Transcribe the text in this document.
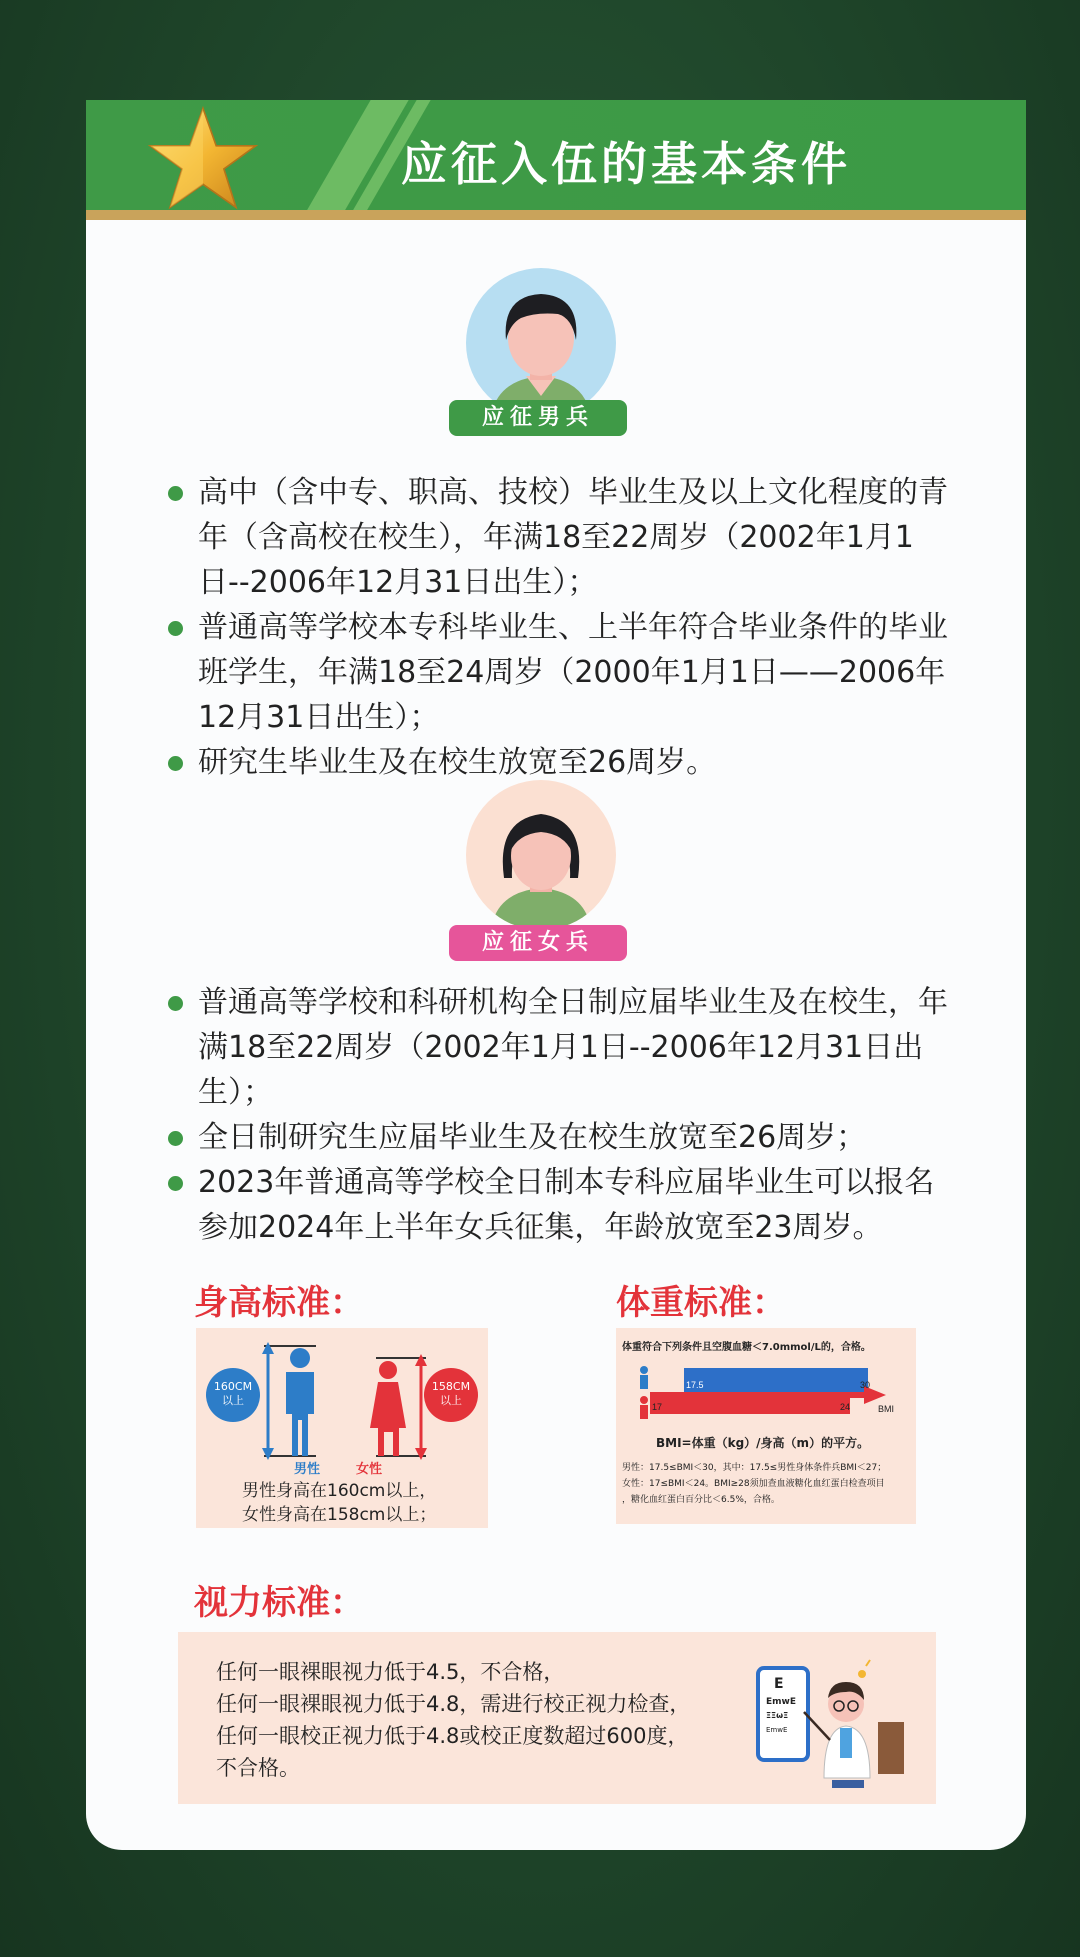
应征入伍的基本条件
应征男兵
高中（含中专、职高、技校）毕业生及以上文化程度的青年（含高校在校生），年满18至22周岁（2002年1月1日--2006年12月31日出生）；
普通高等学校本专科毕业生、上半年符合毕业条件的毕业班学生，年满18至24周岁（2000年1月1日——2006年12月31日出生）；
研究生毕业生及在校生放宽至26周岁。
应征女兵
普通高等学校和科研机构全日制应届毕业生及在校生，年满18至22周岁（2002年1月1日--2006年12月31日出生）；
全日制研究生应届毕业生及在校生放宽至26周岁；
2023年普通高等学校全日制本专科应届毕业生可以报名参加2024年上半年女兵征集，年龄放宽至23周岁。
身高标准：
160CM
以上
158CM
以上
男性	女性
男性身高在160cm以上，
女性身高在158cm以上；
体重标准：
体重符合下列条件且空腹血糖＜7.0mmol/L的，合格。
17.5	30
17	24	BMI
BMI=体重（kg）/身高（m）的平方。
男性：17.5≤BMI＜30，其中：17.5≤男性身体条件兵BMI＜27；
女性：17≤BMI＜24。BMI≥28须加查血液糖化血红蛋白检查项目
，糖化血红蛋白百分比＜6.5%，合格。
视力标准：
任何一眼裸眼视力低于4.5，不合格，
任何一眼裸眼视力低于4.8，需进行校正视力检查，
任何一眼校正视力低于4.8或校正度数超过600度，
不合格。
E
EmwE
ΞΞωΞ
EmwE
